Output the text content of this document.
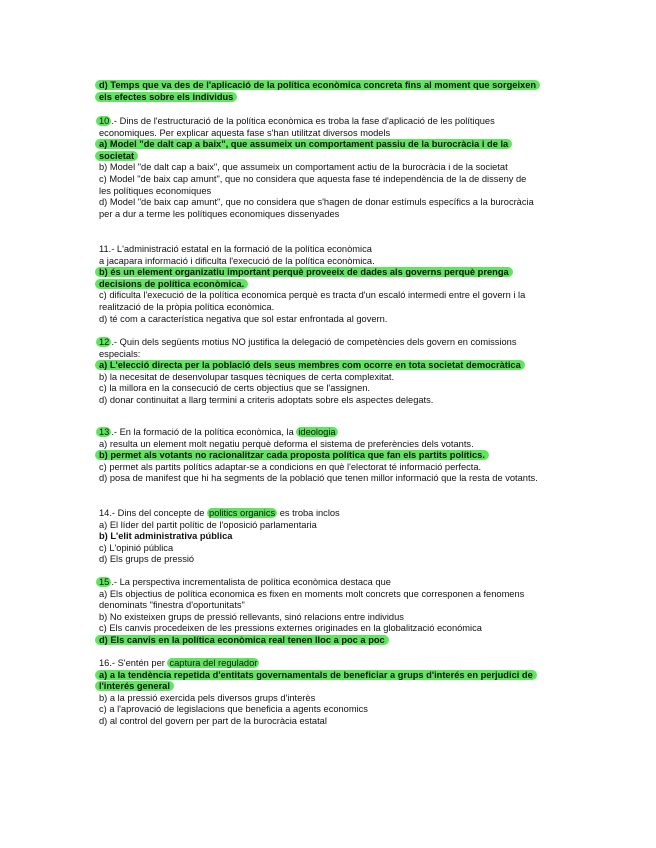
d) Temps que va des de l'aplicació de la política econòmica concreta fins al moment que sorgeixen els efectes sobre els individus

10 .- Dins de l'estructuració de la política econòmica es troba la fase d'aplicació de les polítiques economiques. Per explicar aquesta fase s'han utilitzat diversos models

a) Model "de dalt cap a baix", que assumeix un comportament passiu de la burocràcia i de la societat

b) Model "de dalt cap a baix", que assumeix un comportament actiu de la burocràcia i de la societat

c) Model "de baix cap amunt", que no considera que aquesta fase té independència de la de disseny de les polítiques economiques

d) Model "de baix cap amunt", que no considera que s'hagen de donar estímuls específics a la burocràcia per a dur a terme les polítiques economiques dissenyades

11.- L'administració estatal en la formació de la política econòmica

a jacapara informació i dificulta l'execució de la política econòmica.

b) és un element organizatiu important perquè proveeix de dades als governs perquè prenga decisions de política econòmica.

c) dificulta l'execució de la política economica perquè es tracta d'un escaló intermedi entre el govern i la realització de la pròpia política econòmica.

d) té com a característica negativa que sol estar enfrontada al govern.

12 .- Quin dels següents motius NO justifica la delegació de competències dels govern en comissions especials:

a) L'elecció directa per la població dels seus membres com ocorre en tota societat democràtica

b) la necesitat de desenvolupar tasques tècniques de certa complexitat.

c) la millora en la consecució de certs objectius que se l'assignen.

d) donar continuitat a llarg termini a criteris adoptats sobre els aspectes delegats.

13 .- En la formació de la política econòmica, la ideologia

a) resulta un element molt negatiu perquè deforma el sistema de preferències dels votants.

b) permet als votants no racionalitzar cada proposta política que fan els partits polítics.

c) permet als partits polítics adaptar-se a condicions en què l'electorat té informació perfecta.

d) posa de manifest que hi ha segments de la població que tenen millor informació que la resta de votants.

14.- Dins del concepte de politics organics es troba inclos

a) El líder del partit polític de l'oposició parlamentaria

b) L'elit administrativa pública

c) L'opinió pública

d) Els grups de pressió

15 .- La perspectiva incrementalista de política econòmica destaca que

a) Els objectius de política economica es fixen en moments molt concrets que corresponen a fenomens denominats "finestra d'oportunitats"

b) No existeixen grups de pressió rellevants, sinó relacions entre individus

c) Els canvis procedeixen de les pressions externes originades en la globalització económica

d) Els canvis en la política econòmica real tenen lloc a poc a poc

16.- S'entén per captura del regulador

a) a la tendència repetida d'entitats governamentals de beneficiar a grups d'interés en perjudici de l'interés general

b) a la pressió exercida pels diversos grups d'interès

c) a l'aprovació de legislacions que beneficia a agents economics

d) al control del govern per part de la burocràcia estatal
